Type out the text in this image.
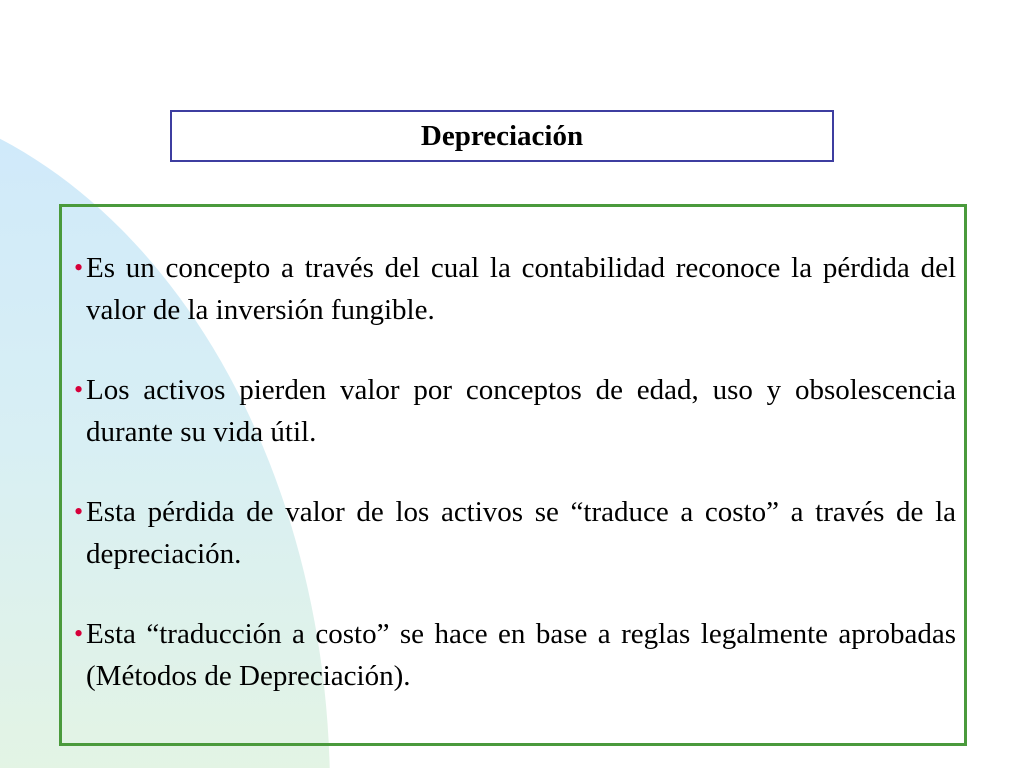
Depreciación
• Es un concepto a través del cual la contabilidad reconoce la pérdida del valor de la inversión fungible.
• Los activos pierden valor por conceptos de edad, uso y obsolescencia durante su vida útil.
• Esta pérdida de valor de los activos se “traduce a costo” a través de la depreciación.
• Esta “traducción a costo” se hace en base a reglas legalmente aprobadas (Métodos de Depreciación).
